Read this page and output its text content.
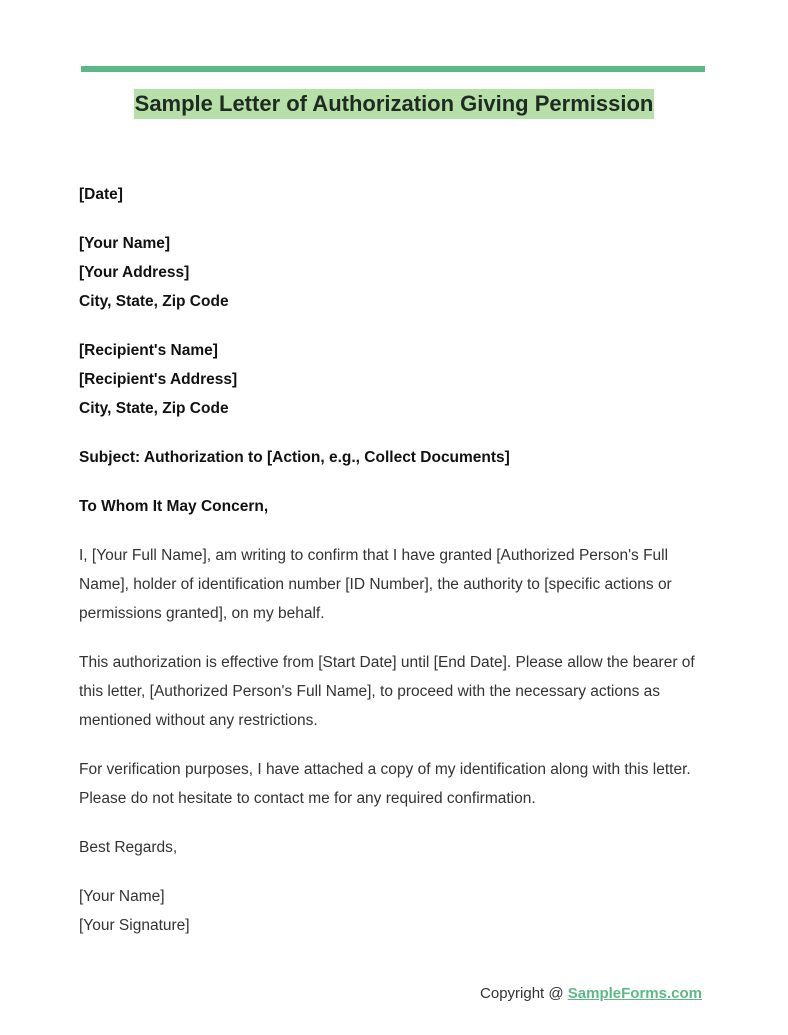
Sample Letter of Authorization Giving Permission

[Date]

[Your Name]
[Your Address]
City, State, Zip Code

[Recipient's Name]
[Recipient's Address]
City, State, Zip Code

Subject: Authorization to [Action, e.g., Collect Documents]

To Whom It May Concern,

I, [Your Full Name], am writing to confirm that I have granted [Authorized Person's Full Name], holder of identification number [ID Number], the authority to [specific actions or permissions granted], on my behalf.

This authorization is effective from [Start Date] until [End Date]. Please allow the bearer of this letter, [Authorized Person's Full Name], to proceed with the necessary actions as mentioned without any restrictions.

For verification purposes, I have attached a copy of my identification along with this letter. Please do not hesitate to contact me for any required confirmation.

Best Regards,

[Your Name]
[Your Signature]

Copyright @ SampleForms.com
